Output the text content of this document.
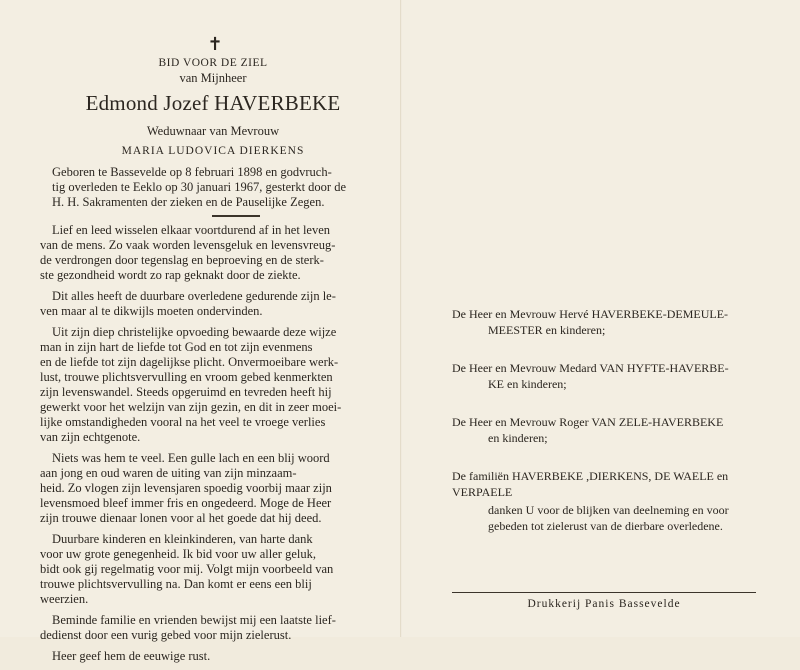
✝
BID VOOR DE ZIEL
van Mijnheer
Edmond Jozef HAVERBEKE
Weduwnaar van Mevrouw
MARIA LUDOVICA DIERKENS
Geboren te Bassevelde op 8 februari 1898 en godvruch-
tig overleden te Eeklo op 30 januari 1967, gesterkt door de
H. H. Sakramenten der zieken en de Pauselijke Zegen.

Lief en leed wisselen elkaar voortdurend af in het leven

van de mens. Zo vaak worden levensgeluk en levensvreug-

de verdrongen door tegenslag en beproeving en de sterk-

ste gezondheid wordt zo rap geknakt door de ziekte.

Dit alles heeft de duurbare overledene gedurende zijn le-

ven maar al te dikwijls moeten ondervinden.

Uit zijn diep christelijke opvoeding bewaarde deze wijze

man in zijn hart de liefde tot God en tot zijn evenmens

en de liefde tot zijn dagelijkse plicht. Onvermoeibare werk-

lust, trouwe plichtsvervulling en vroom gebed kenmerkten

zijn levenswandel. Steeds opgeruimd en tevreden heeft hij

gewerkt voor het welzijn van zijn gezin, en dit in zeer moei-

lijke omstandigheden vooral na het veel te vroege verlies

van zijn echtgenote.

Niets was hem te veel. Een gulle lach en een blij woord

aan jong en oud waren de uiting van zijn minzaam-

heid. Zo vlogen zijn levensjaren spoedig voorbij maar zijn

levensmoed bleef immer fris en ongedeerd. Moge de Heer

zijn trouwe dienaar lonen voor al het goede dat hij deed.

Duurbare kinderen en kleinkinderen, van harte dank

voor uw grote genegenheid. Ik bid voor uw aller geluk,

bidt ook gij regelmatig voor mij. Volgt mijn voorbeeld van

trouwe plichtsvervulling na. Dan komt er eens een blij

weerzien.

Beminde familie en vrienden bewijst mij een laatste lief-

dedienst door een vurig gebed voor mijn zielerust.

Heer geef hem de eeuwige rust.

De Heer en Mevrouw Hervé HAVERBEKE-DEMEULE-
MEESTER en kinderen;
De Heer en Mevrouw Medard VAN HYFTE-HAVERBE-
KE en kinderen;
De Heer en Mevrouw Roger VAN ZELE-HAVERBEKE
en kinderen;
De familiën HAVERBEKE ,DIERKENS, DE WAELE en
VERPAELE
danken U voor de blijken van deelneming en voor
gebeden tot zielerust van de dierbare overledene.
Drukkerij Panis Bassevelde
